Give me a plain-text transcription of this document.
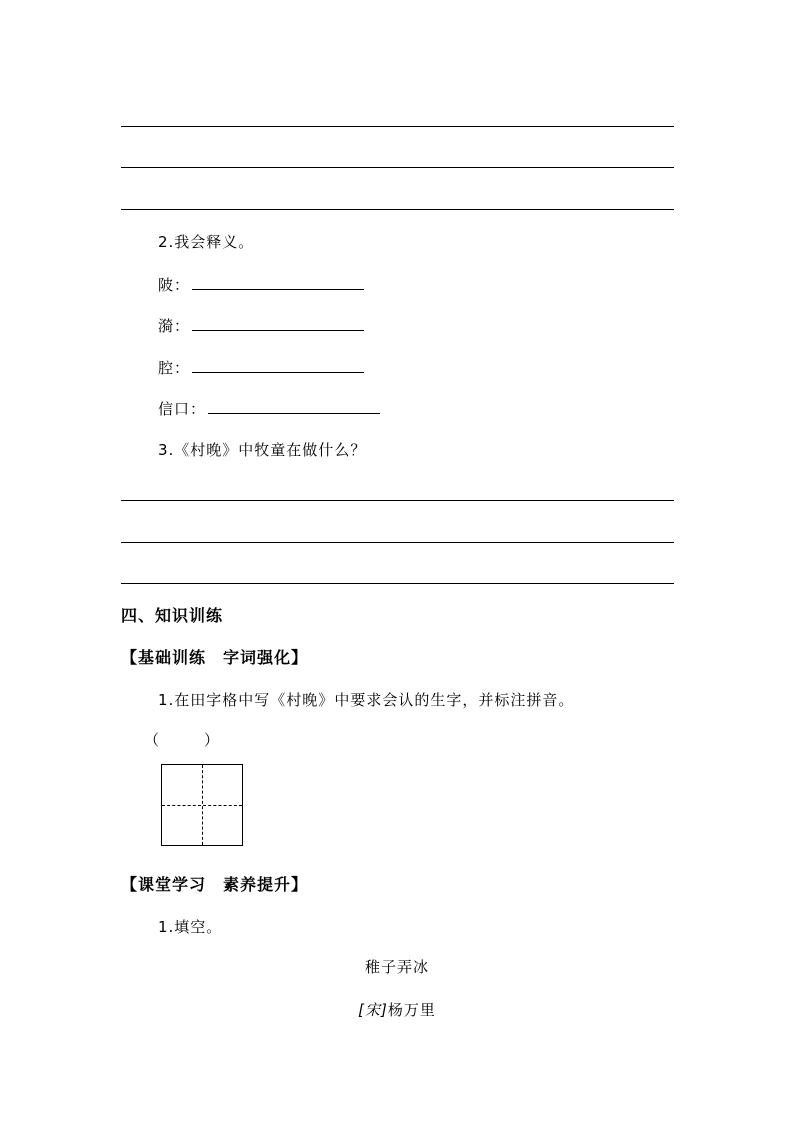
2.我会释义。
陂：
漪：
腔：
信口：
3.《村晚》中牧童在做什么？
四、知识训练
【基础训练　字词强化】
1.在田字格中写《村晚》中要求会认的生字，并标注拼音。
（	）
【课堂学习　素养提升】
1.填空。
稚子弄冰
[宋]杨万里
